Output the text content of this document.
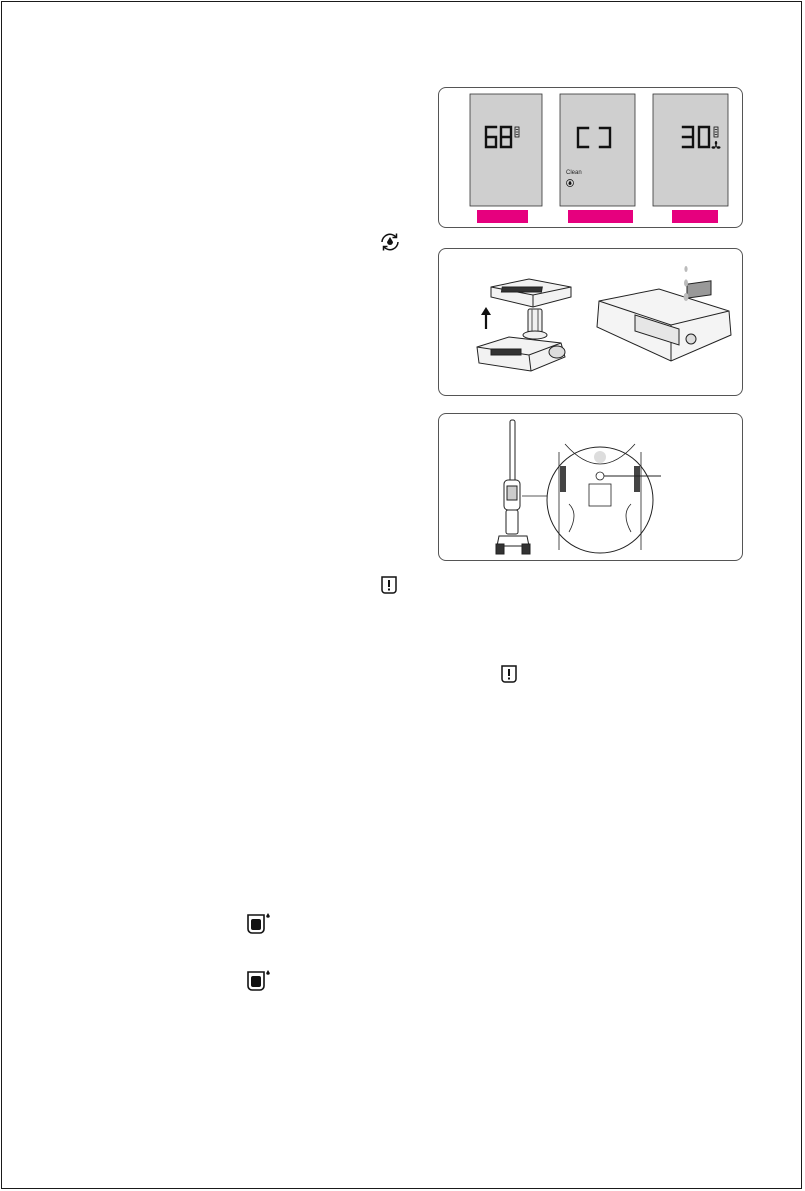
Clean
